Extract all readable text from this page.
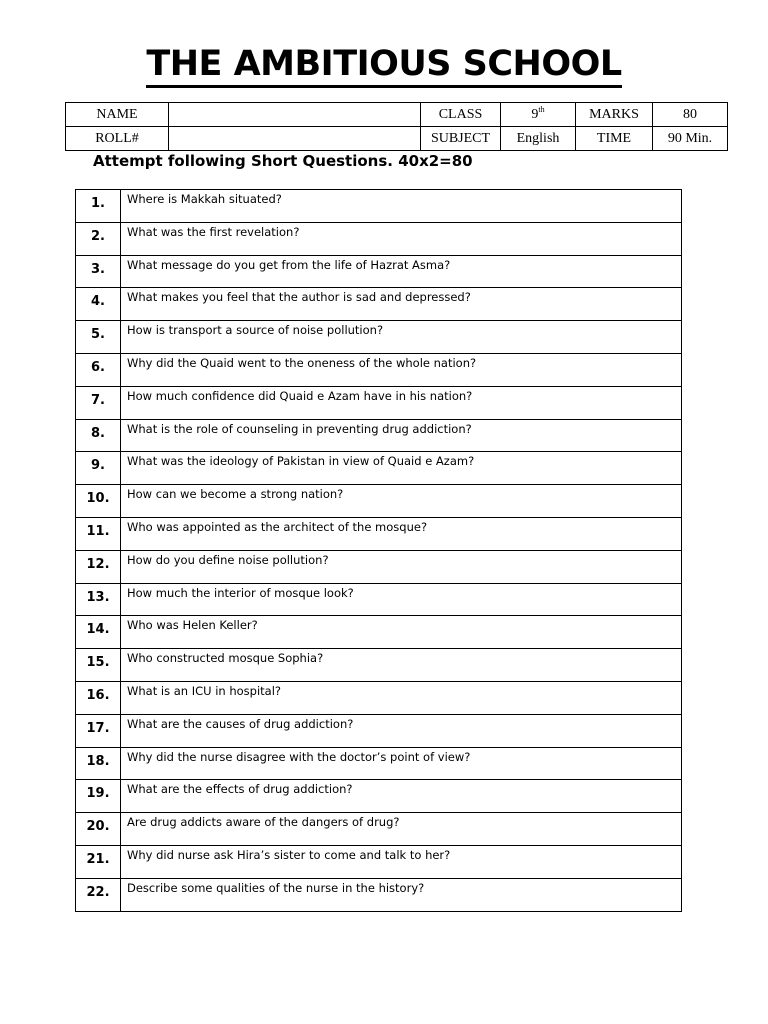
THE AMBITIOUS SCHOOL
NAME		CLASS	9th	MARKS	80
ROLL#		SUBJECT	English	TIME	90 Min.
Attempt following Short Questions. 40x2=80
1.	Where is Makkah situated?
2.	What was the first revelation?
3.	What message do you get from the life of Hazrat Asma?
4.	What makes you feel that the author is sad and depressed?
5.	How is transport a source of noise pollution?
6.	Why did the Quaid went to the oneness of the whole nation?
7.	How much confidence did Quaid e Azam have in his nation?
8.	What is the role of counseling in preventing drug addiction?
9.	What was the ideology of Pakistan in view of Quaid e Azam?
10.	How can we become a strong nation?
11.	Who was appointed as the architect of the mosque?
12.	How do you define noise pollution?
13.	How much the interior of mosque look?
14.	Who was Helen Keller?
15.	Who constructed mosque Sophia?
16.	What is an ICU in hospital?
17.	What are the causes of drug addiction?
18.	Why did the nurse disagree with the doctor’s point of view?
19.	What are the effects of drug addiction?
20.	Are drug addicts aware of the dangers of drug?
21.	Why did nurse ask Hira’s sister to come and talk to her?
22.	Describe some qualities of the nurse in the history?
